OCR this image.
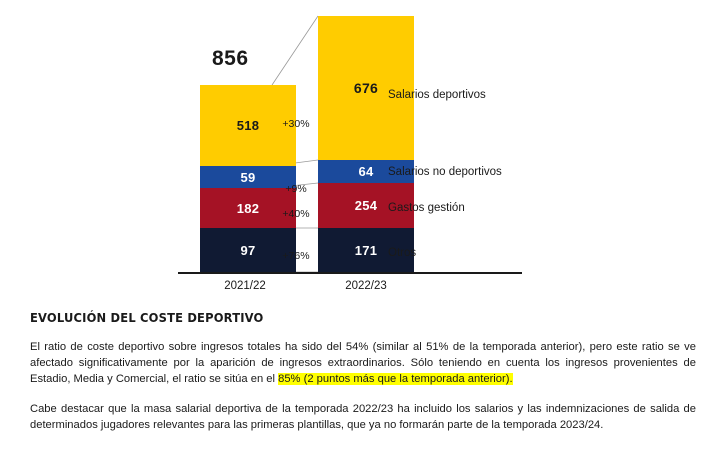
856
518
59
182
97
676
64
254
171
+30%
+9%
+40%
+76%
2021/22	2022/23
Salarios deportivos
Salarios no deportivos
Gastos gestión
Otros
EVOLUCIÓN DEL COSTE DEPORTIVO

El ratio de coste deportivo sobre ingresos totales ha sido del 54% (similar al 51% de la temporada anterior), pero este ratio se ve afectado significativamente por la aparición de ingresos extraordinarios. Sólo teniendo en cuenta los ingresos provenientes de Estadio, Media y Comercial, el ratio se sitúa en el 85% (2 puntos más que la temporada anterior).

Cabe destacar que la masa salarial deportiva de la temporada 2022/23 ha incluido los salarios y las indemnizaciones de salida de determinados jugadores relevantes para las primeras plantillas, que ya no formarán parte de la temporada 2023/24.
